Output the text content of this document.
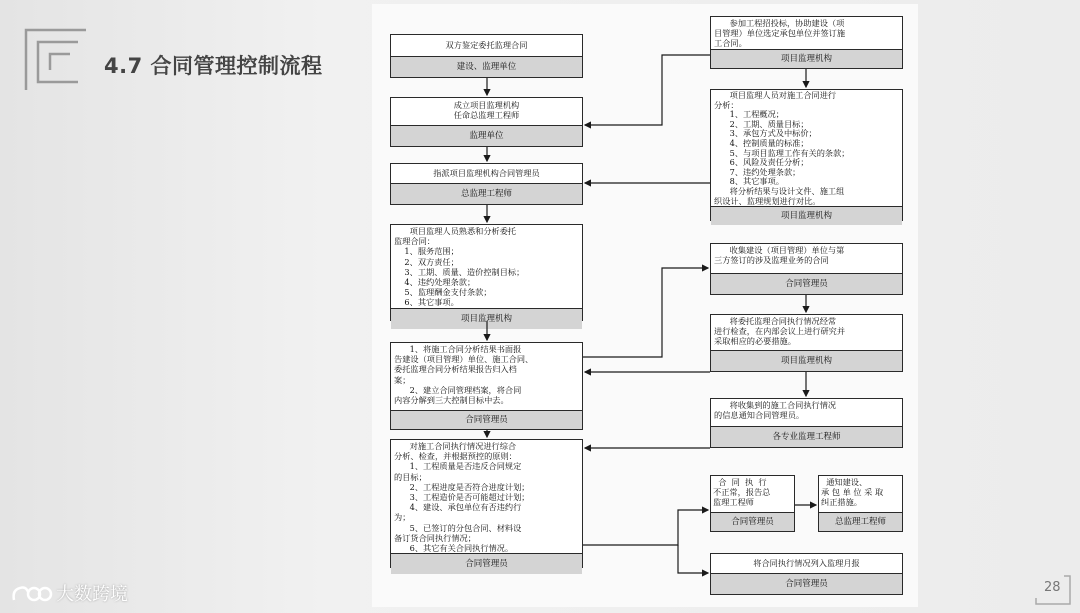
4.7 合同管理控制流程
双方鉴定委托监理合同
建设、监理单位
成立项目监理机构
任命总监理工程师
监理单位
指派项目监理机构合同管理员
总监理工程师
项目监理人员熟悉和分析委托
监理合同：
1、服务范围；
2、双方责任；
3、工期、质量、造价控制目标；
4、违约处理条款；
5、监理酬金支付条款；
6、其它事项。
项目监理机构
1、将施工合同分析结果书面报
告建设（项目管理）单位、施工合同、
委托监理合同分析结果报告归入档
案；
2、建立合同管理档案，将合同
内容分解到三大控制目标中去。
合同管理员
对施工合同执行情况进行综合
分析、检查，并根据预控的原则：
1、工程质量是否违反合同规定
的目标；
2、工程进度是否符合进度计划；
3、工程造价是否可能超过计划；
4、建设、承包单位有否违约行
为；
5、已签订的分包合同、材料设
备订货合同执行情况；
6、其它有关合同执行情况。
合同管理员
参加工程招投标，协助建设（项
目管理）单位选定承包单位并签订施
工合同。
项目监理机构
项目监理人员对施工合同进行
分析：
1、工程概况；
2、工期、质量目标；
3、承包方式及中标价；
4、控制质量的标准；
5、与项目监理工作有关的条款；
6、风险及责任分析；
7、违约处理条款；
8、其它事项。
将分析结果与设计文件、施工组
织设计、监理规划进行对比。
项目监理机构
收集建设（项目管理）单位与第
三方签订的涉及监理业务的合同
合同管理员
将委托监理合同执行情况经常
进行检查，在内部会议上进行研究并
采取相应的必要措施。
项目监理机构
将收集到的施工合同执行情况
的信息通知合同管理员。
各专业监理工程师
合  同  执  行
不正常，报告总
监理工程师
合同管理员
通知建设、
承 包 单 位 采 取
纠正措施。
总监理工程师
将合同执行情况列入监理月报
合同管理员
大数跨境	28
